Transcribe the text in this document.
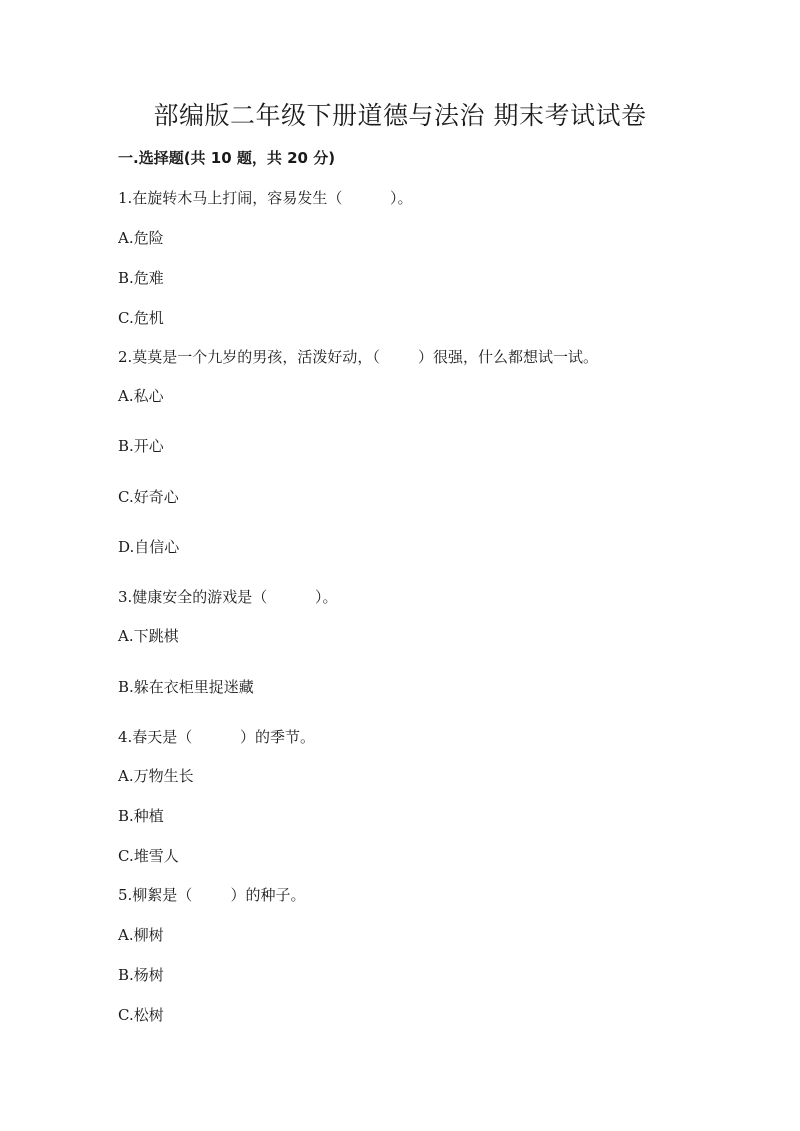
部编版二年级下册道德与法治 期末考试试卷

一.选择题(共 10 题，共 20 分)

1.在旋转木马上打闹，容易发生（          ）。

A.危险

B.危难

C.危机

2.莫莫是一个九岁的男孩，活泼好动，（        ）很强，什么都想试一试。

A.私心

B.开心

C.好奇心

D.自信心

3.健康安全的游戏是（          ）。

A.下跳棋

B.躲在衣柜里捉迷藏

4.春天是（          ）的季节。

A.万物生长

B.种植

C.堆雪人

5.柳絮是（        ）的种子。

A.柳树

B.杨树

C.松树
